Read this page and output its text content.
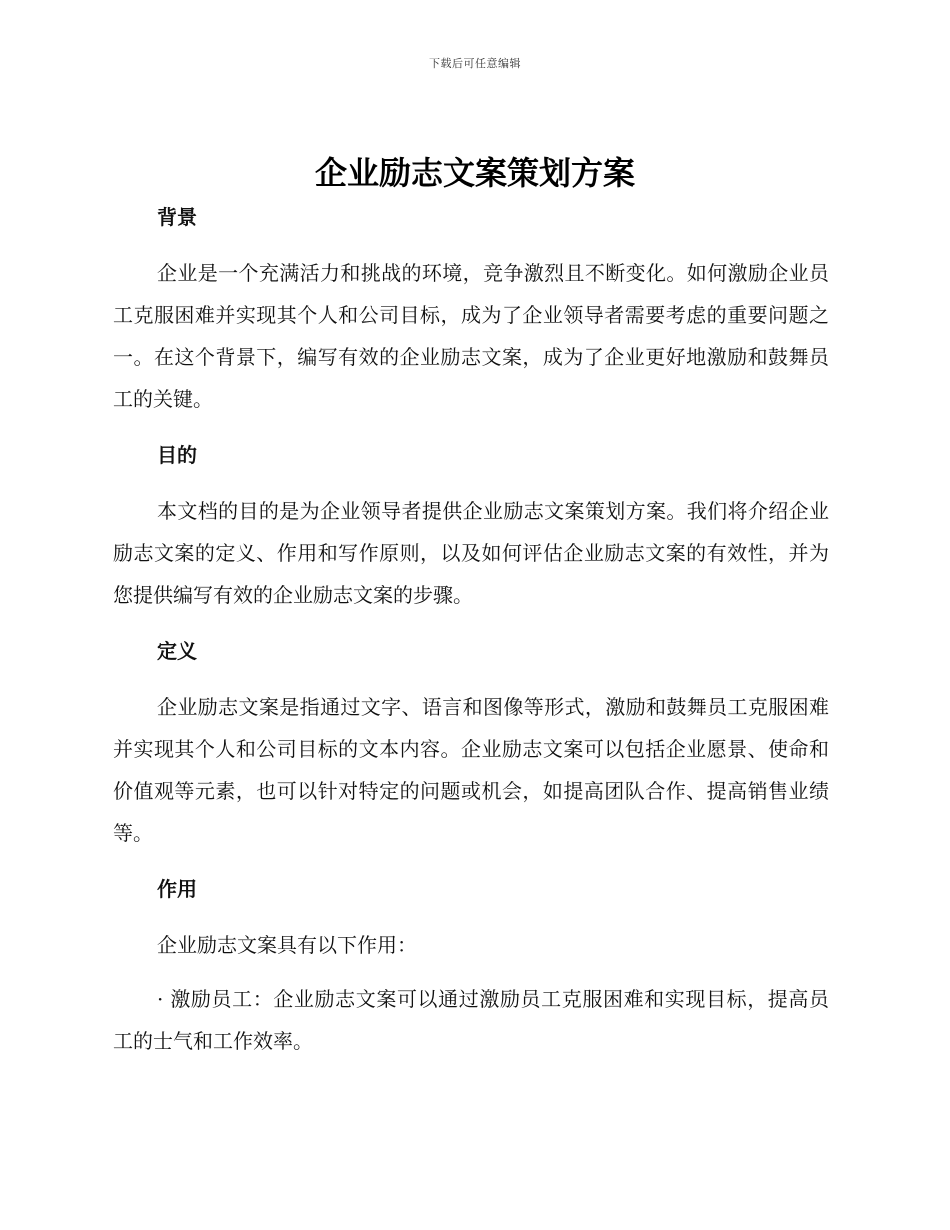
下载后可任意编辑
企业励志文案策划方案
背景

企业是一个充满活力和挑战的环境，竞争激烈且不断变化。如何激励企业员工克服困难并实现其个人和公司目标，成为了企业领导者需要考虑的重要问题之一。在这个背景下，编写有效的企业励志文案，成为了企业更好地激励和鼓舞员工的关键。

目的

本文档的目的是为企业领导者提供企业励志文案策划方案。我们将介绍企业励志文案的定义、作用和写作原则，以及如何评估企业励志文案的有效性，并为您提供编写有效的企业励志文案的步骤。

定义

企业励志文案是指通过文字、语言和图像等形式，激励和鼓舞员工克服困难并实现其个人和公司目标的文本内容。企业励志文案可以包括企业愿景、使命和价值观等元素，也可以针对特定的问题或机会，如提高团队合作、提高销售业绩等。

作用

企业励志文案具有以下作用：

· 激励员工：企业励志文案可以通过激励员工克服困难和实现目标，提高员工的士气和工作效率。
